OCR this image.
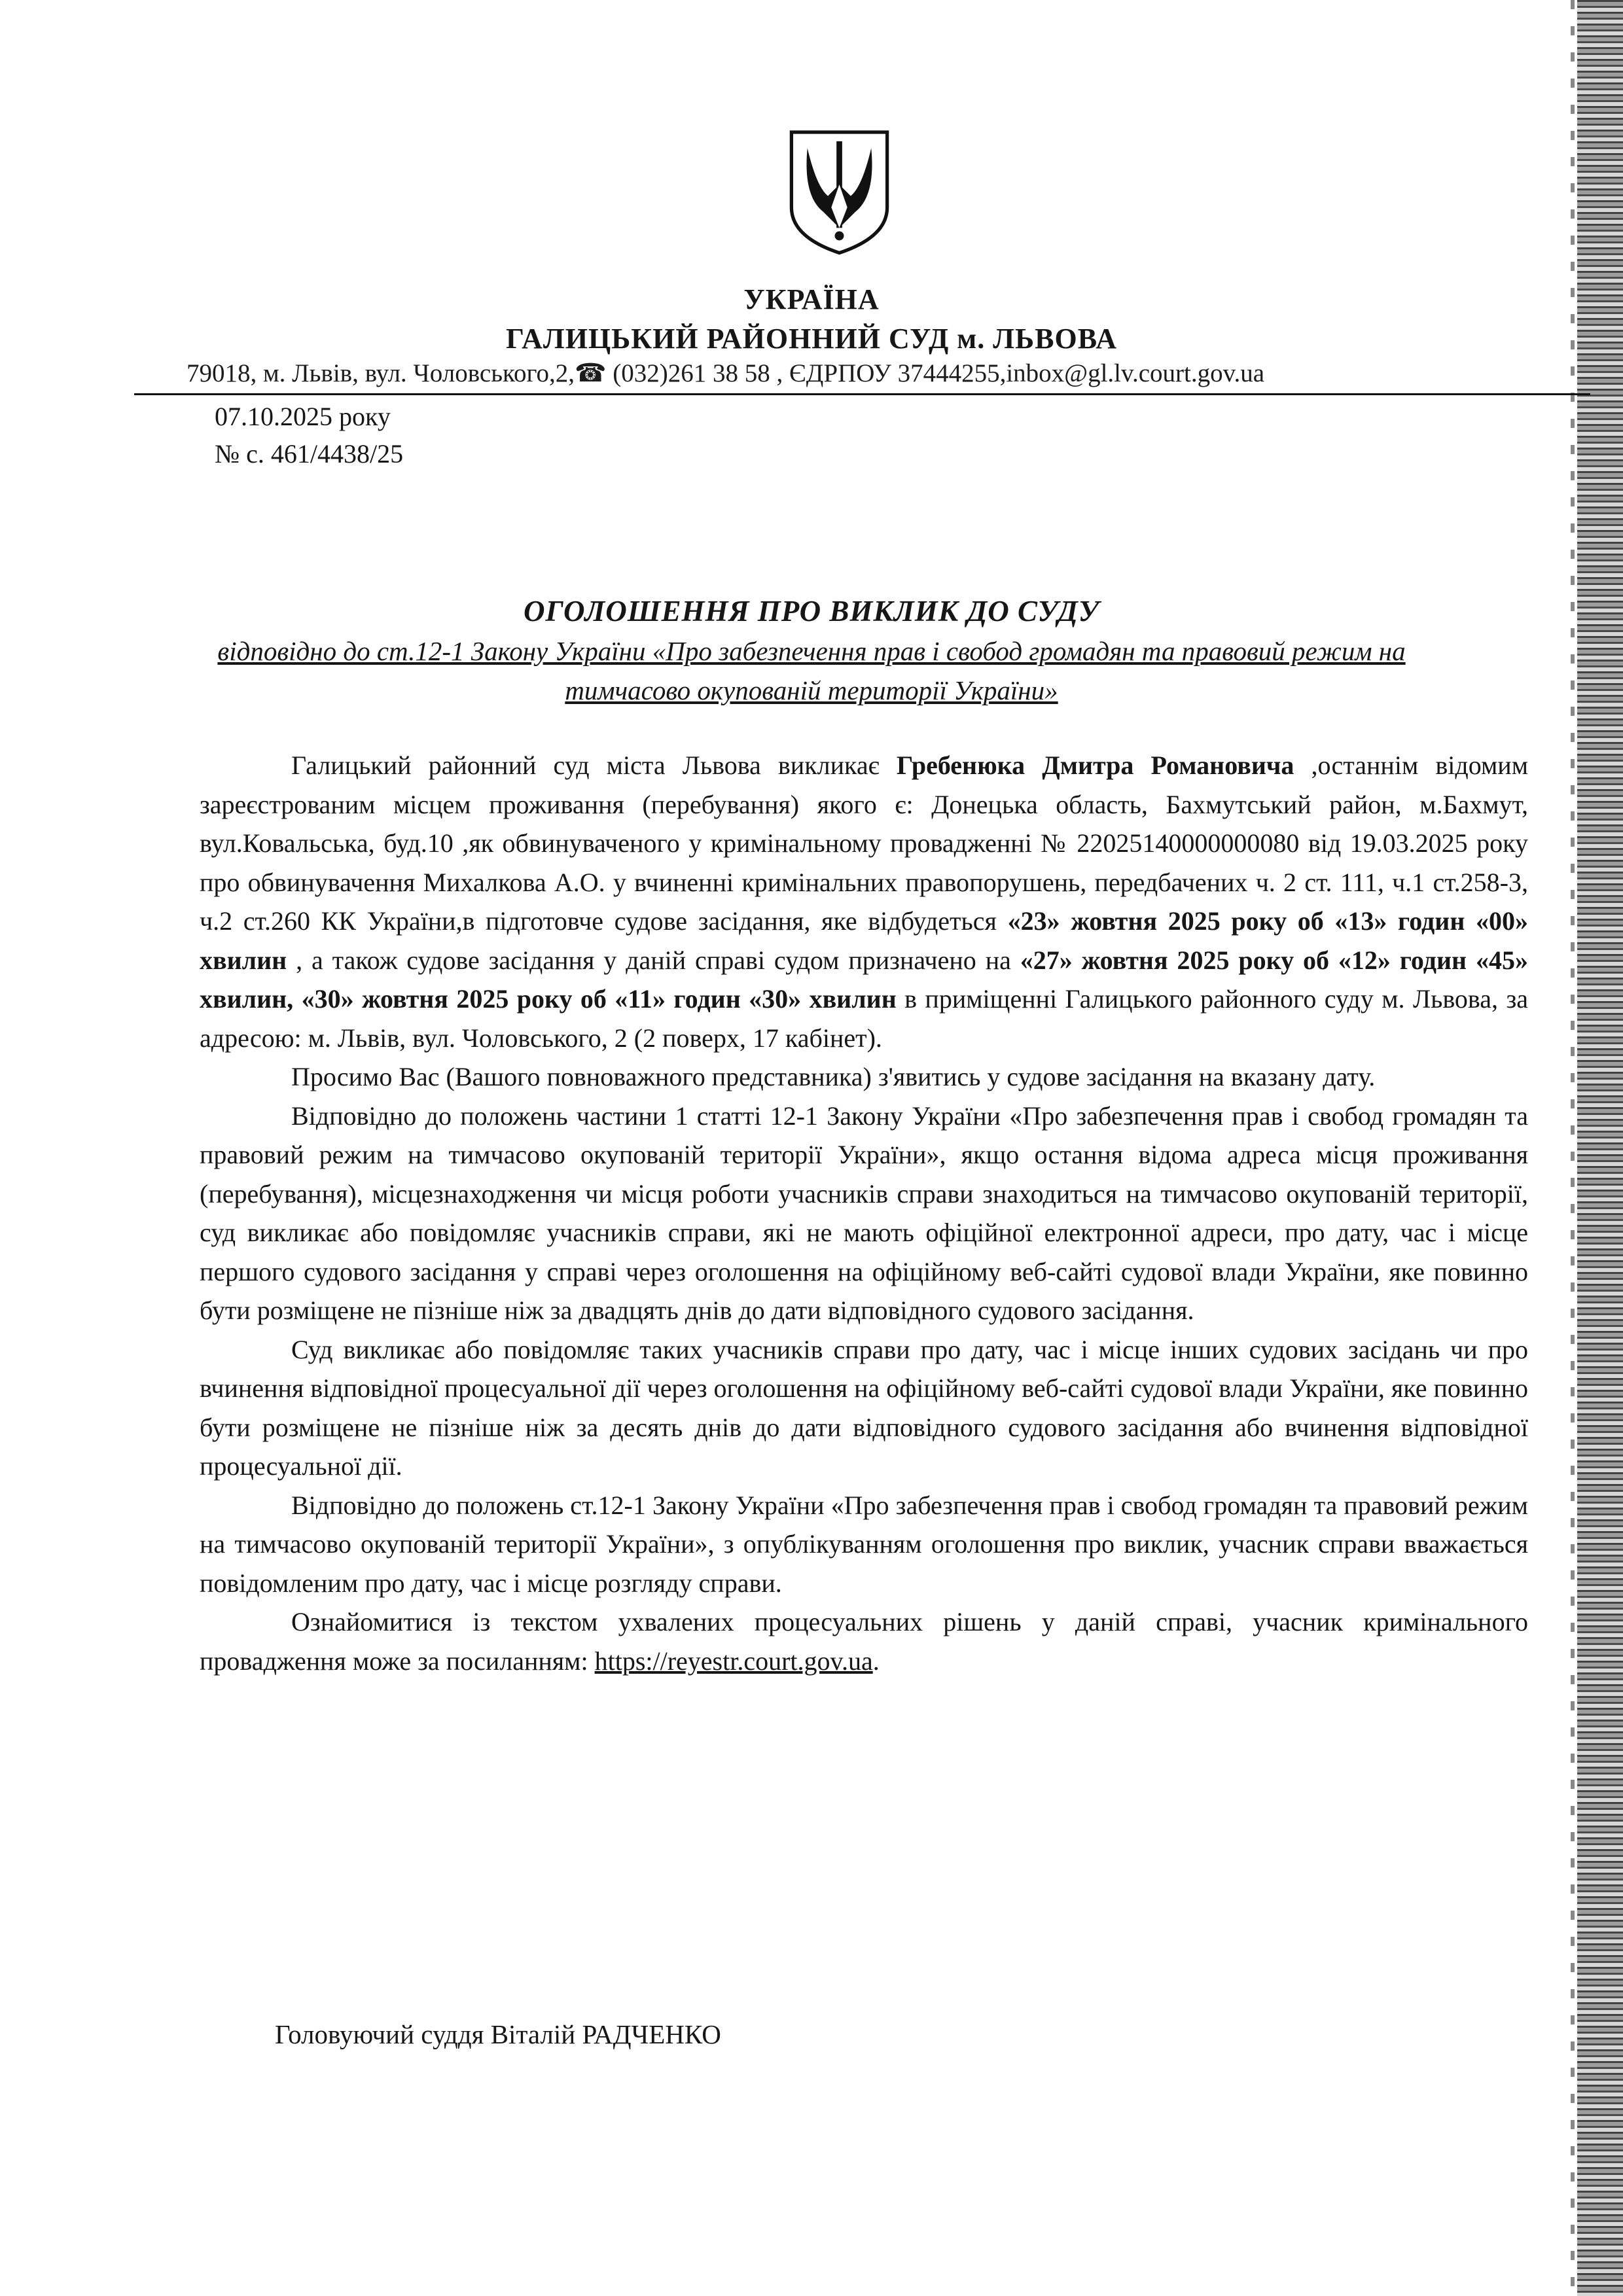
УКРАЇНА
ГАЛИЦЬКИЙ РАЙОННИЙ СУД м. ЛЬВОВА
79018, м. Львів, вул. Чоловського,2,☎ (032)261 38 58 , ЄДРПОУ 37444255,inbox@gl.lv.court.gov.ua
07.10.2025 року
№ с. 461/4438/25
ОГОЛОШЕННЯ ПРО ВИКЛИК ДО СУДУ
відповідно до ст.12-1 Закону України «Про забезпечення прав і свобод громадян та правовий режим на тимчасово окупованій території України»

Галицький районний суд міста Львова викликає Гребенюка Дмитра Романовича ,останнім відомим зареєстрованим місцем проживання (перебування) якого є: Донецька область, Бахмутський район, м.Бахмут, вул.Ковальська, буд.10 ,як обвинуваченого у кримінальному провадженні № 22025140000000080 від 19.03.2025 року про обвинувачення Михалкова А.О. у вчиненні кримінальних правопорушень, передбачених ч. 2 ст. 111, ч.1 ст.258-3, ч.2 ст.260 КК України,в підготовче судове засідання, яке відбудеться «23» жовтня 2025 року об «13» годин «00» хвилин , а також судове засідання у даній справі судом призначено на «27» жовтня 2025 року об «12» годин «45» хвилин, «30» жовтня 2025 року об «11» годин «30» хвилин в приміщенні Галицького районного суду м. Львова, за адресою: м. Львів, вул. Чоловського, 2 (2 поверх, 17 кабінет).

Просимо Вас (Вашого повноважного представника) з'явитись у судове засідання на вказану дату.

Відповідно до положень частини 1 статті 12-1 Закону України «Про забезпечення прав і свобод громадян та правовий режим на тимчасово окупованій території України», якщо остання відома адреса місця проживання (перебування), місцезнаходження чи місця роботи учасників справи знаходиться на тимчасово окупованій території, суд викликає або повідомляє учасників справи, які не мають офіційної електронної адреси, про дату, час і місце першого судового засідання у справі через оголошення на офіційному веб-сайті судової влади України, яке повинно бути розміщене не пізніше ніж за двадцять днів до дати відповідного судового засідання.

Суд викликає або повідомляє таких учасників справи про дату, час і місце інших судових засідань чи про вчинення відповідної процесуальної дії через оголошення на офіційному веб-сайті судової влади України, яке повинно бути розміщене не пізніше ніж за десять днів до дати відповідного судового засідання або вчинення відповідної процесуальної дії.

Відповідно до положень ст.12-1 Закону України «Про забезпечення прав і свобод громадян та правовий режим на тимчасово окупованій території України», з опублікуванням оголошення про виклик, учасник справи вважається повідомленим про дату, час і місце розгляду справи.

Ознайомитися із текстом ухвалених процесуальних рішень у даній справі, учасник кримінального провадження може за посиланням: https://reyestr.court.gov.ua.

Головуючий суддя Віталій РАДЧЕНКО
